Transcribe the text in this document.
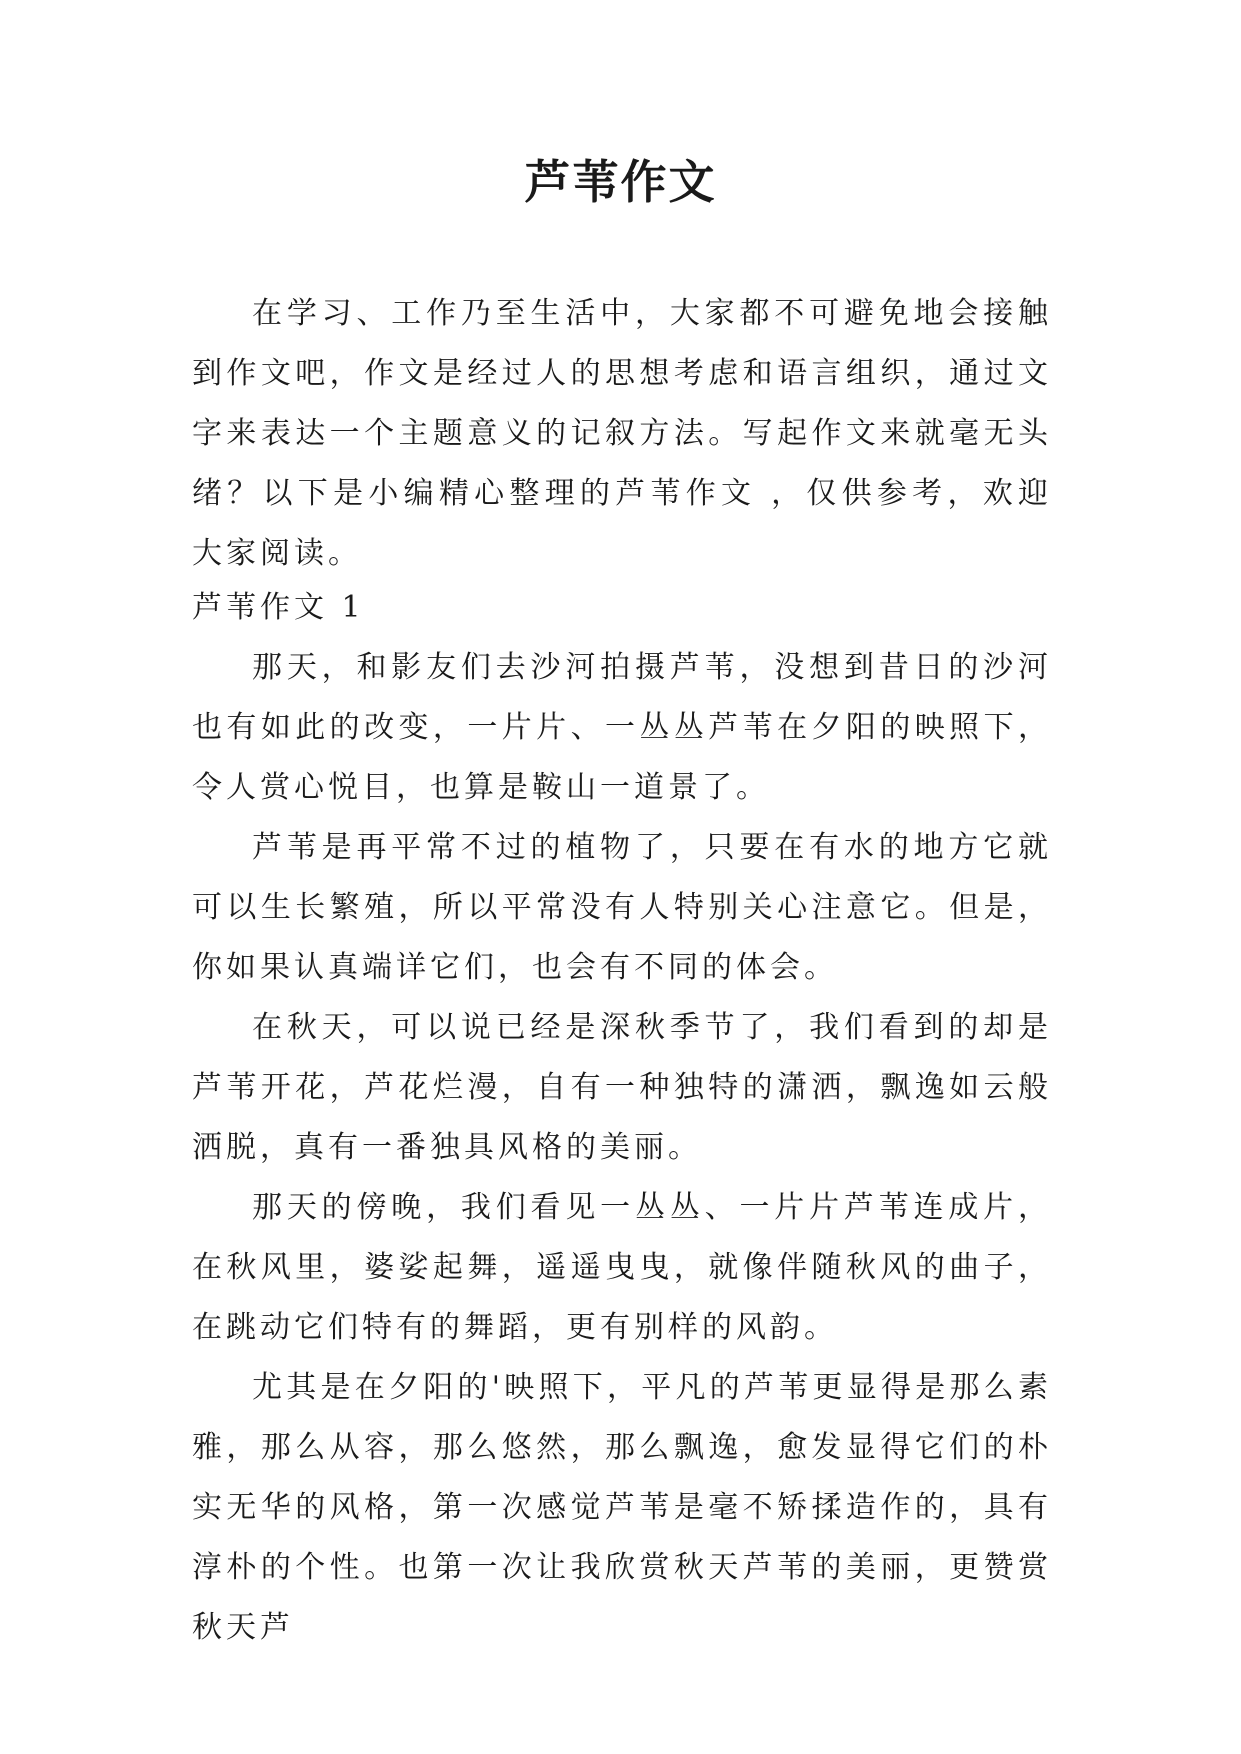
芦苇作文

在学习、工作乃至生活中，大家都不可避免地会接触到作文吧，作文是经过人的思想考虑和语言组织，通过文字来表达一个主题意义的记叙方法。写起作文来就毫无头绪？以下是小编精心整理的芦苇作文 ，仅供参考，欢迎大家阅读。

芦苇作文 1

那天，和影友们去沙河拍摄芦苇，没想到昔日的沙河也有如此的改变，一片片、一丛丛芦苇在夕阳的映照下，令人赏心悦目，也算是鞍山一道景了。

芦苇是再平常不过的植物了，只要在有水的地方它就可以生长繁殖，所以平常没有人特别关心注意它。但是，你如果认真端详它们，也会有不同的体会。

在秋天，可以说已经是深秋季节了，我们看到的却是芦苇开花，芦花烂漫，自有一种独特的潇洒，飘逸如云般洒脱，真有一番独具风格的美丽。

那天的傍晚，我们看见一丛丛、一片片芦苇连成片，在秋风里，婆娑起舞，遥遥曳曳，就像伴随秋风的曲子，在跳动它们特有的舞蹈，更有别样的风韵。

尤其是在夕阳的'映照下，平凡的芦苇更显得是那么素雅，那么从容，那么悠然，那么飘逸，愈发显得它们的朴实无华的风格，第一次感觉芦苇是毫不矫揉造作的，具有淳朴的个性。也第一次让我欣赏秋天芦苇的美丽，更赞赏秋天芦
